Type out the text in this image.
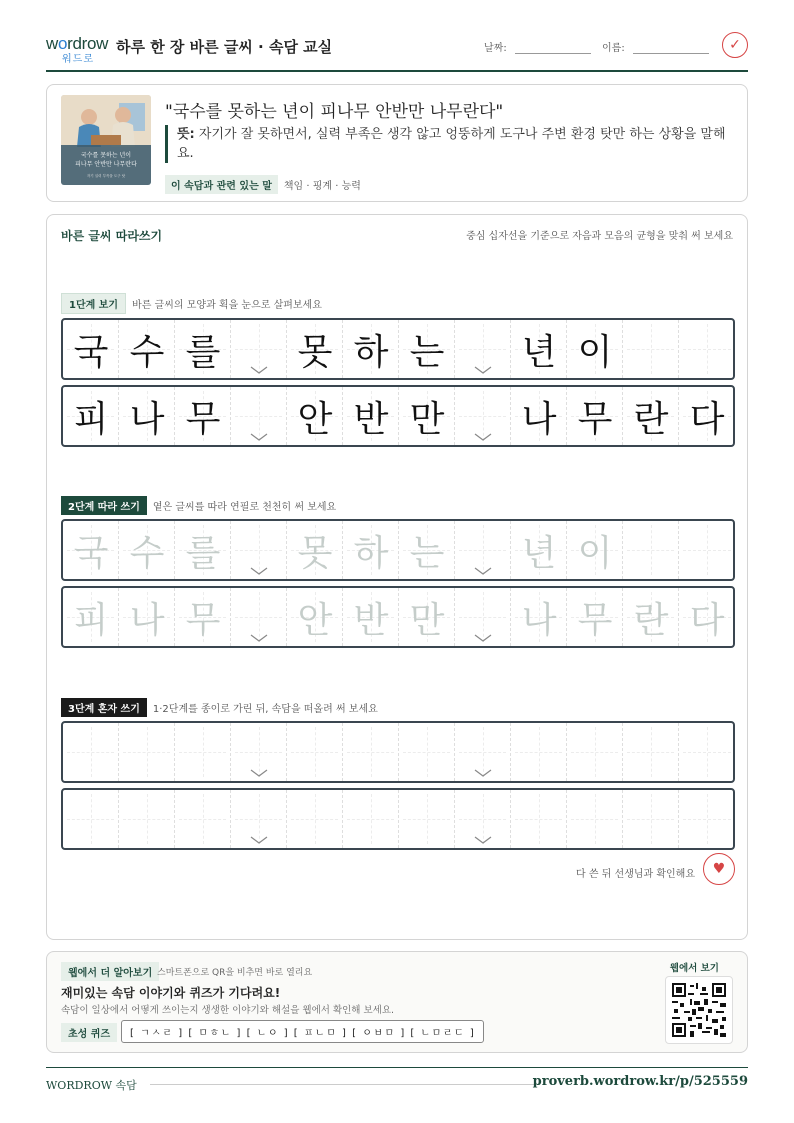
wordrow
워드로
하루 한 장 바른 글씨 · 속담 교실	날짜:	이름:	✓
국수를 못하는 년이
피나무 안반만 나무란다
자기 실력 부족을 도구 탓
"국수를 못하는 년이 피나무 안반만 나무란다"
뜻: 자기가 잘 못하면서, 실력 부족은 생각 않고 엉뚱하게 도구나 주변 환경 탓만 하는 상황을 말해요.
이 속담과 관련 있는 말 책임 · 핑계 · 능력
바른 글씨 따라쓰기	중심 십자선을 기준으로 자음과 모음의 균형을 맞춰 써 보세요
1단계 보기 바른 글씨의 모양과 획을 눈으로 살펴보세요
국 수 를 못 하 는 년 이
피 나 무 안 반 만 나 무 란 다
2단계 따라 쓰기 옅은 글씨를 따라 연필로 천천히 써 보세요
국 수 를 못 하 는 년 이
피 나 무 안 반 만 나 무 란 다
3단계 혼자 쓰기 1·2단계를 종이로 가린 뒤, 속담을 떠올려 써 보세요
다 쓴 뒤 선생님과 확인해요	♥
웹에서 더 알아보기 스마트폰으로 QR을 비추면 바로 열리요
재미있는 속담 이야기와 퀴즈가 기다려요!
속담이 일상에서 어떻게 쓰이는지 생생한 이야기와 해설을 웹에서 확인해 보세요.
초성 퀴즈	[ ㄱㅅㄹ ] [ ㅁㅎㄴ ] [ ㄴㅇ ] [ ㅍㄴㅁ ] [ ㅇㅂㅁ ] [ ㄴㅁㄹㄷ ]
웹에서 보기
WORDROW 속담	proverb.wordrow.kr/p/525559
